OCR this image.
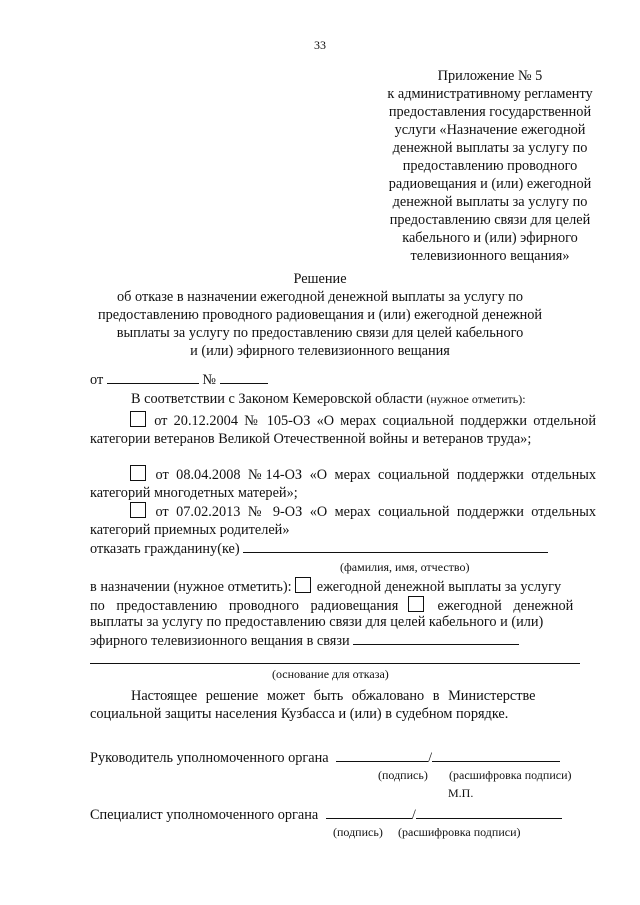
33
Приложение № 5
к административному регламенту
предоставления государственной
услуги «Назначение ежегодной
денежной выплаты за услугу по
предоставлению проводного
радиовещания и (или) ежегодной
денежной выплаты за услугу по
предоставлению связи для целей
кабельного и (или) эфирного
телевизионного вещания»
Решение
об отказе в назначении ежегодной денежной выплаты за услугу по
предоставлению проводного радиовещания и (или) ежегодной денежной
выплаты за услугу по предоставлению связи для целей кабельного
и (или) эфирного телевизионного вещания
от	№
В соответствии с Законом Кемеровской области (нужное отметить):
от 20.12.2004 № 105-ОЗ «О мерах социальной поддержки отдельной категории ветеранов Великой Отечественной войны и ветеранов труда»;
от 08.04.2008 №14-ОЗ «О мерах социальной поддержки отдельных категорий многодетных матерей»;
от 07.02.2013 № 9-ОЗ «О мерах социальной поддержки отдельных категорий приемных родителей»
отказать гражданину(ке)
(фамилия, имя, отчество)
в назначении (нужное отметить): ежегодной денежной выплаты за услугу
по предоставлению проводного радиовещания	ежегодной денежной
выплаты за услугу по предоставлению связи для целей кабельного и (или)
эфирного телевизионного вещания в связи
(основание для отказа)
Настоящее решение может быть обжаловано в Министерстве
социальной защиты населения Кузбасса и (или) в судебном порядке.
Руководитель уполномоченного органа	/
(подпись) (расшифровка подписи)
М.П.
Специалист уполномоченного органа	/
(подпись) (расшифровка подписи)
